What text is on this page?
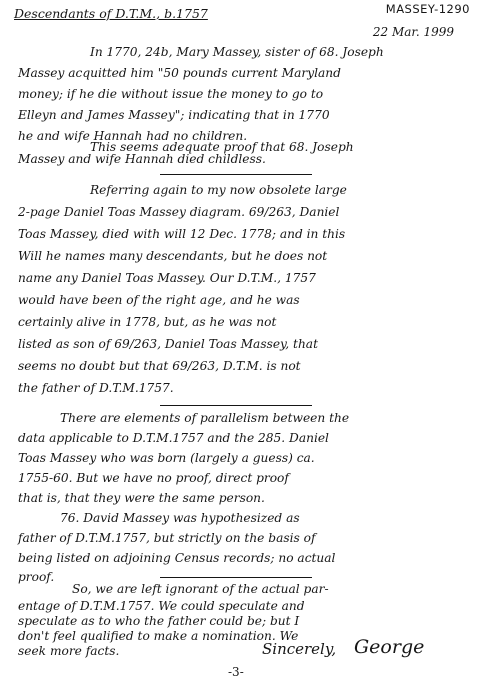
Descendants of D.T.M., b.1757	MASSEY-1290
22 Mar. 1999
In 1770, 24b, Mary Massey, sister of 68. Joseph
Massey acquitted him "50 pounds current Maryland
money; if he die without issue the money to go to
Elleyn and James Massey"; indicating that in 1770
he and wife Hannah had no children.
This seems adequate proof that 68. Joseph
Massey and wife Hannah died childless.
Referring again to my now obsolete large
2-page Daniel Toas Massey diagram. 69/263, Daniel
Toas Massey, died with will 12 Dec. 1778; and in this
Will he names many descendants, but he does not
name any Daniel Toas Massey. Our D.T.M., 1757
would have been of the right age, and he was
certainly alive in 1778, but, as he was not
listed as son of 69/263, Daniel Toas Massey, that
seems no doubt but that 69/263, D.T.M. is not
the father of D.T.M.1757.
There are elements of parallelism between the
data applicable to D.T.M.1757 and the 285. Daniel
Toas Massey who was born (largely a guess) ca.
1755-60. But we have no proof, direct proof
that is, that they were the same person.
76. David Massey was hypothesized as
father of D.T.M.1757, but strictly on the basis of
being listed on adjoining Census records; no actual
proof.
So, we are left ignorant of the actual par-
entage of D.T.M.1757. We could speculate and
speculate as to who the father could be; but I
don't feel qualified to make a nomination. We
seek more facts.	Sincerely, George
-3-
